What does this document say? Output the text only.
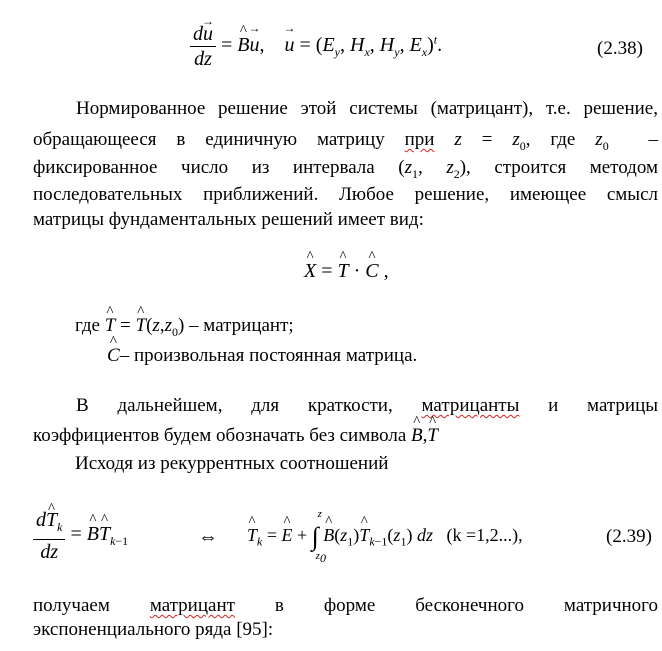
$\frac{d\to u}{dz}$ = ^ B→ u,    → $u = (E_y$, $H_x$, $H_y$, $E_x)^t$.	(2.38)
Нормированное решение этой системы (матрицант), т.е. решение,
обращающееся в единичную матрицу при $z = z_0$, где $z_0$  –
фиксированное число из интервала ($z_1$, $z_2$), строится методом
последовательных приближений. Любое решение, имеющее смысл
матрицы фундаментальных решений имеет вид:
^ X = ^ T · ^ C ,
где ^ T = ^ $T(z,z_0)$ – матрицант;
^ C– произвольная постоянная матрица.
В дальнейшем, для краткости, матрицанты и матрицы
коэффициентов будем обозначать без символа ^ B,^ T
Исходя из рекуррентных соотношений
$\frac{d\^{} T_k}{dz}$ = ^ B^ $T_{k-1}$	⇔ ^ $T_k$ = ^ E + ∫
z
$z_0$
^ $B(z_1)\^{}$ $T_{k-1}(z_1)$ dz (k =1,2...),	(2.39)
получаем матрицант в форме бесконечного матричного
экспоненциального ряда [95]:
